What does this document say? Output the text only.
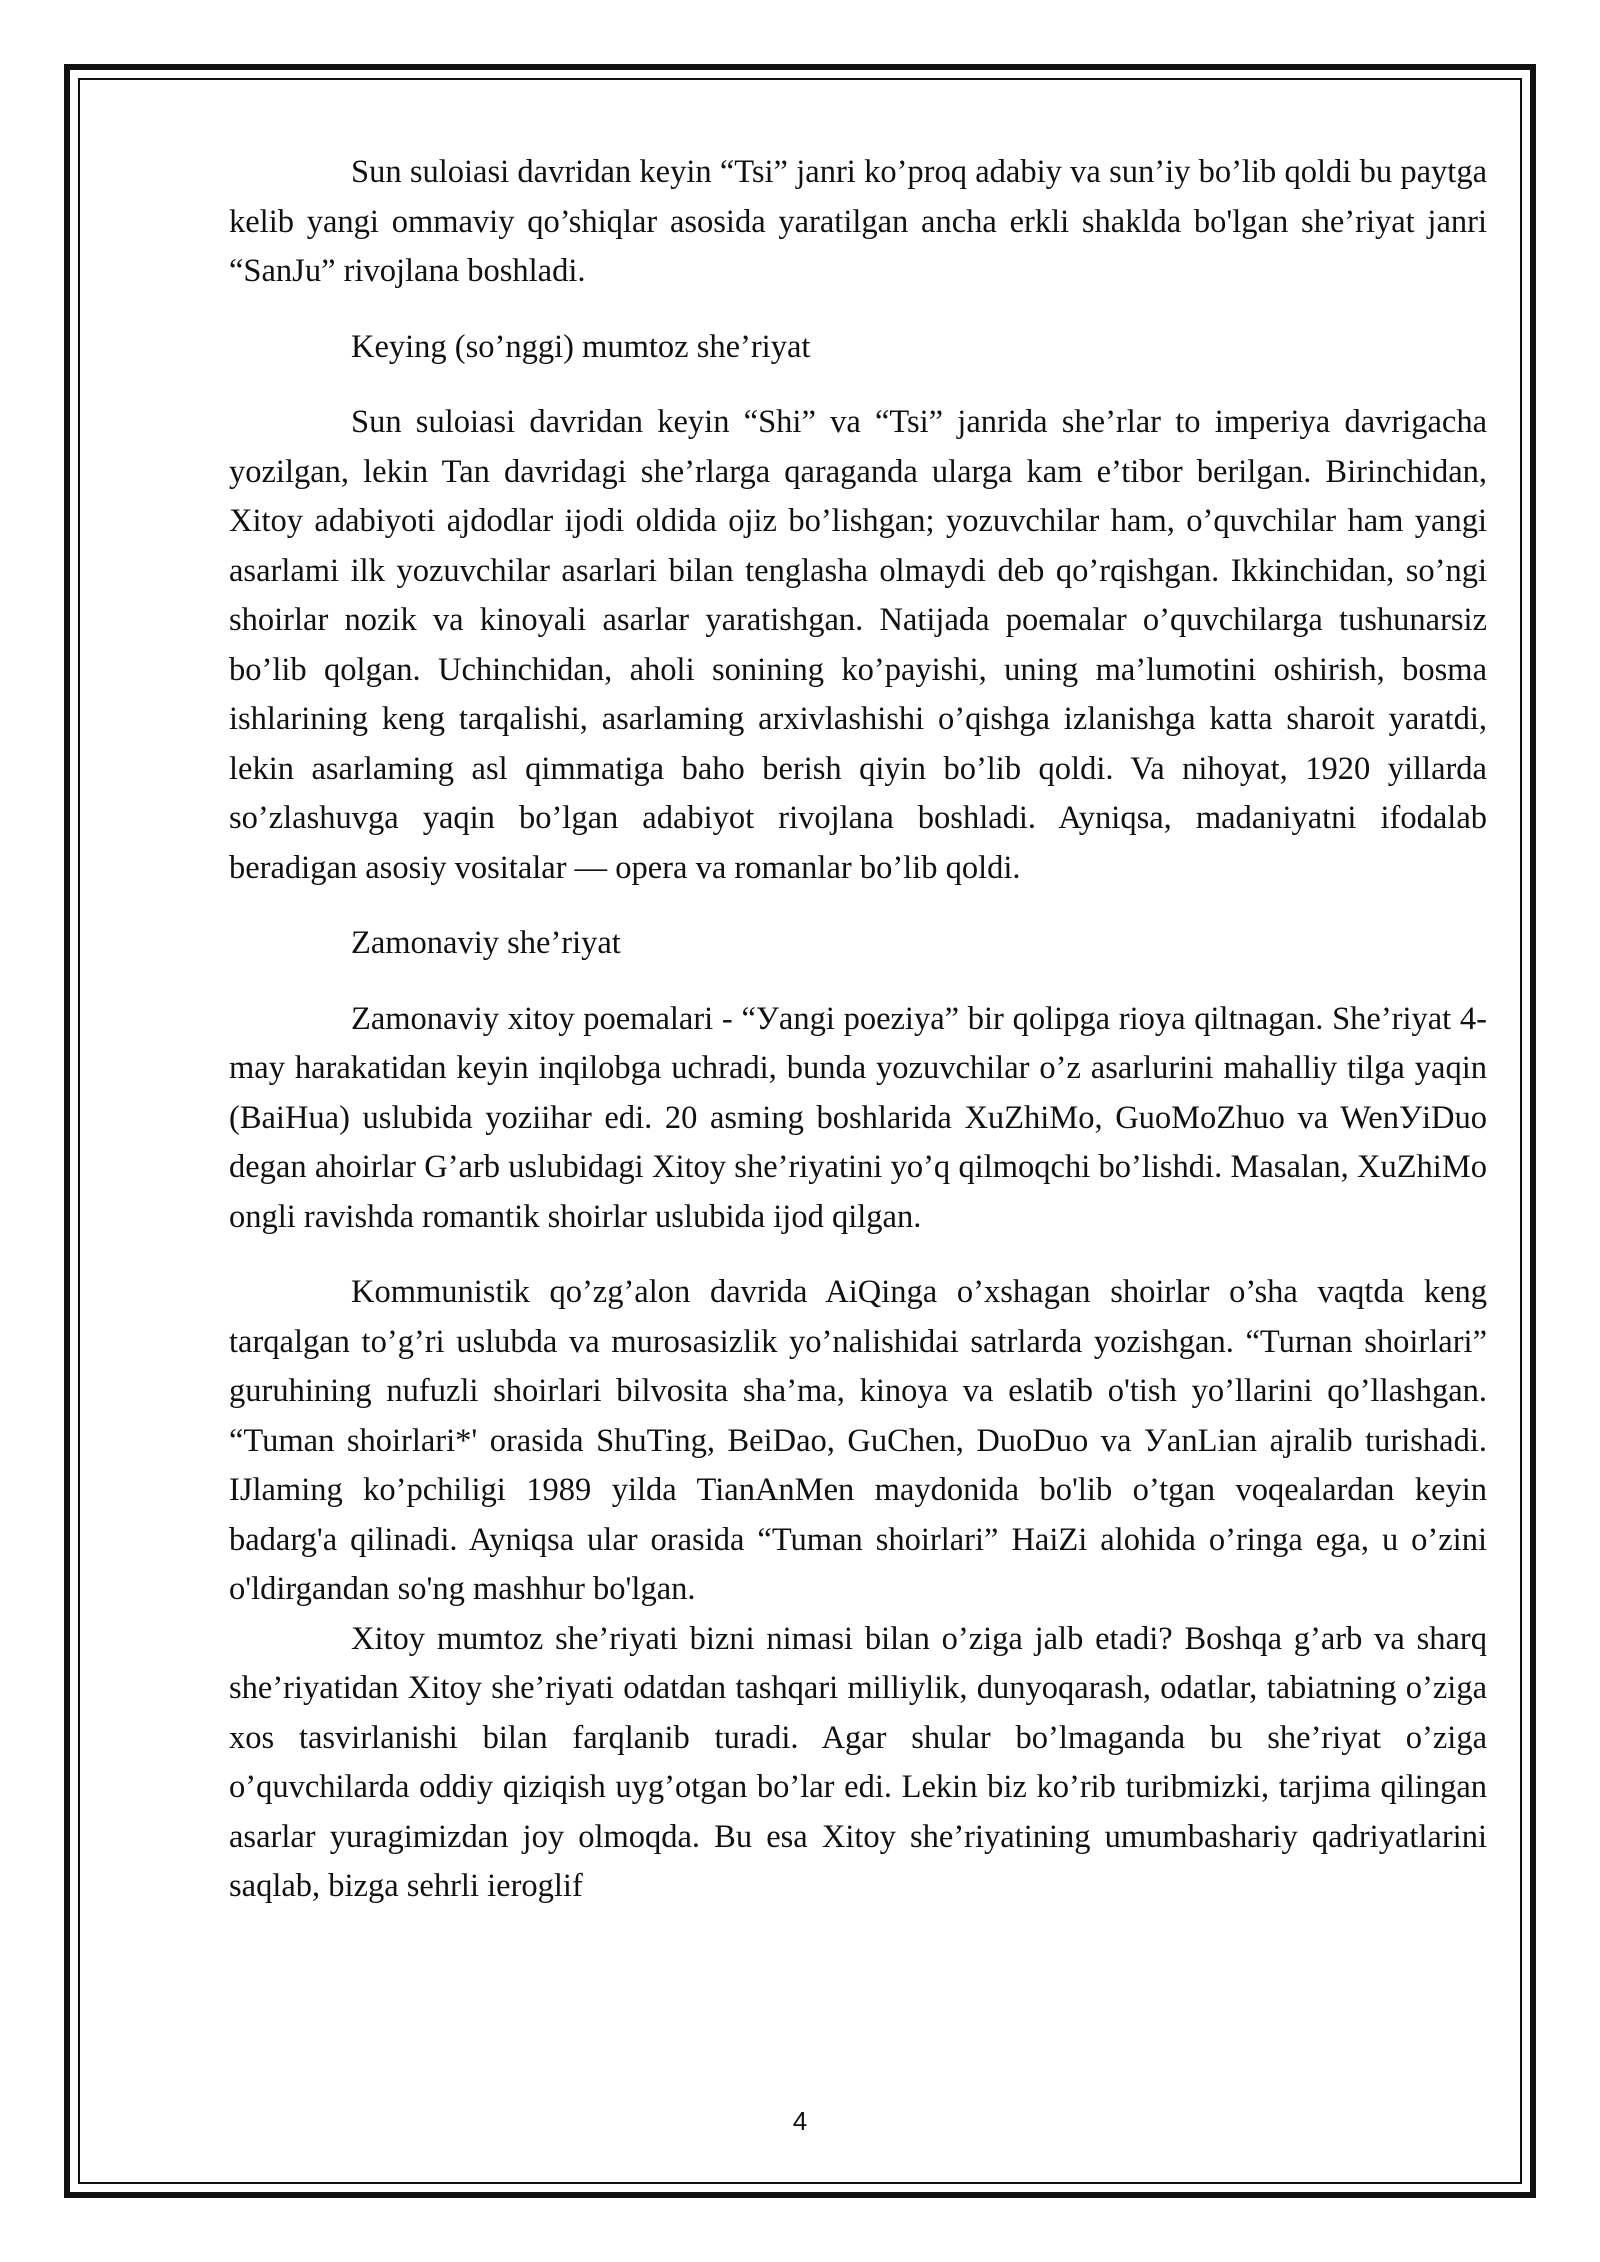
Sun suloiasi davridan keyin “Tsi” janri ko’proq adabiy va sun’iy bo’lib qoldi bu paytga kelib yangi ommaviy qo’shiqlar asosida yaratilgan ancha erkli shaklda bo'lgan she’riyat janri “SanJu” rivojlana boshladi.

Keying (so’nggi) mumtoz she’riyat

Sun suloiasi davridan keyin “Shi” va “Tsi” janrida she’rlar to imperiya davrigacha yozilgan, lekin Tan davridagi she’rlarga qaraganda ularga kam e’tibor berilgan. Birinchidan, Xitoy adabiyoti ajdodlar ijodi oldida ojiz bo’lishgan; yozuvchilar ham, o’quvchilar ham yangi asarlami ilk yozuvchilar asarlari bilan tenglasha olmaydi deb qo’rqishgan. Ikkinchidan, so’ngi shoirlar nozik va kinoyali asarlar yaratishgan. Natijada poemalar o’quvchilarga tushunarsiz bo’lib qolgan. Uchinchidan, aholi sonining ko’payishi, uning ma’lumotini oshirish, bosma ishlarining keng tarqalishi, asarlaming arxivlashishi o’qishga izlanishga katta sharoit yaratdi, lekin asarlaming asl qimmatiga baho berish qiyin bo’lib qoldi. Va nihoyat, 1920 yillarda so’zlashuvga yaqin bo’lgan adabiyot rivojlana boshladi. Ayniqsa, madaniyatni ifodalab beradigan asosiy vositalar — opera va romanlar bo’lib qoldi.

Zamonaviy she’riyat

Zamonaviy xitoy poemalari - “Уangi poeziya” bir qolipga rioya qiltnagan. She’riyat 4-may harakatidan keyin inqilobga uchradi, bunda yozuvchilar o’z asarlurini mahalliy tilga yaqin (BaiHua) uslubida yoziihar edi. 20 asming boshlarida XuZhiMo, GuoMoZhuo va WenУiDuo degan ahoirlar G’arb uslubidagi Xitoy she’riyatini yo’q qilmoqchi bo’lishdi. Masalan, XuZhiMo ongli ravishda romantik shoirlar uslubida ijod qilgan.

Kommunistik qo’zg’alon davrida AiQinga o’xshagan shoirlar o’sha vaqtda keng tarqalgan to’g’ri uslubda va murosasizlik yo’nalishidai satrlarda yozishgan. “Turnan shoirlari” guruhining nufuzli shoirlari bilvosita sha’ma, kinoya va eslatib o'tish yo’llarini qo’llashgan. “Tuman shoirlari*' orasida ShuTing, BeiDao, GuChen, DuoDuo va УanLian ajralib turishadi. IJlaming ko’pchiligi 1989 yilda TianAnMen maydonida bo'lib o’tgan voqealardan keyin badarg'a qilinadi. Ayniqsa ular orasida “Tuman shoirlari” HaiZi alohida o’ringa ega, u o’zini o'ldirgandan so'ng mashhur bo'lgan.

Xitoy mumtoz she’riyati bizni nimasi bilan o’ziga jalb etadi? Boshqa g’arb va sharq she’riyatidan Xitoy she’riyati odatdan tashqari milliylik, dunyoqarash, odatlar, tabiatning o’ziga xos tasvirlanishi bilan farqlanib turadi. Agar shular bo’lmaganda bu she’riyat o’ziga o’quvchilarda oddiy qiziqish uyg’otgan bo’lar edi. Lekin biz ko’rib turibmizki, tarjima qilingan asarlar yuragimizdan joy olmoqda. Bu esa Xitoy she’riyatining umumbashariy qadriyatlarini saqlab, bizga sehrli ieroglif

4
